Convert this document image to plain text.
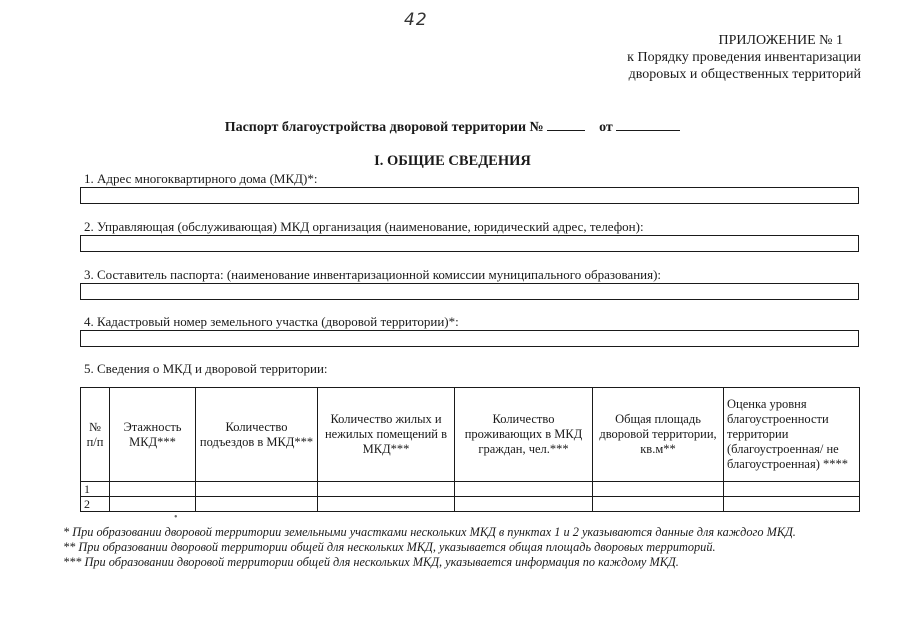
42
ПРИЛОЖЕНИЕ № 1
к Порядку проведения инвентаризации
дворовых и общественных территорий
Паспорт благоустройства дворовой территории №	от
I. ОБЩИЕ СВЕДЕНИЯ
1. Адрес многоквартирного дома (МКД)*:
2. Управляющая (обслуживающая) МКД организация (наименование, юридический адрес, телефон):
3. Составитель паспорта: (наименование инвентаризационной комиссии муниципального образования):
4. Кадастровый номер земельного участка (дворовой территории)*:
5. Сведения о МКД и дворовой территории:
№ п/п	Этажность МКД***	Количество подъездов в МКД***	Количество жилых и нежилых помещений в МКД***	Количество проживающих в МКД граждан, чел.***	Общая площадь дворовой территории, кв.м**	Оценка уровня благоустроенности территории (благоустроенная/ не благоустроенная) ****
1						
2						
•
* При образовании дворовой территории земельными участками нескольких МКД в пунктах 1 и 2 указываются данные для каждого МКД.
** При образовании дворовой территории общей для нескольких МКД, указывается общая площадь дворовых территорий.
*** При образовании дворовой территории общей для нескольких МКД, указывается информация по каждому МКД.
